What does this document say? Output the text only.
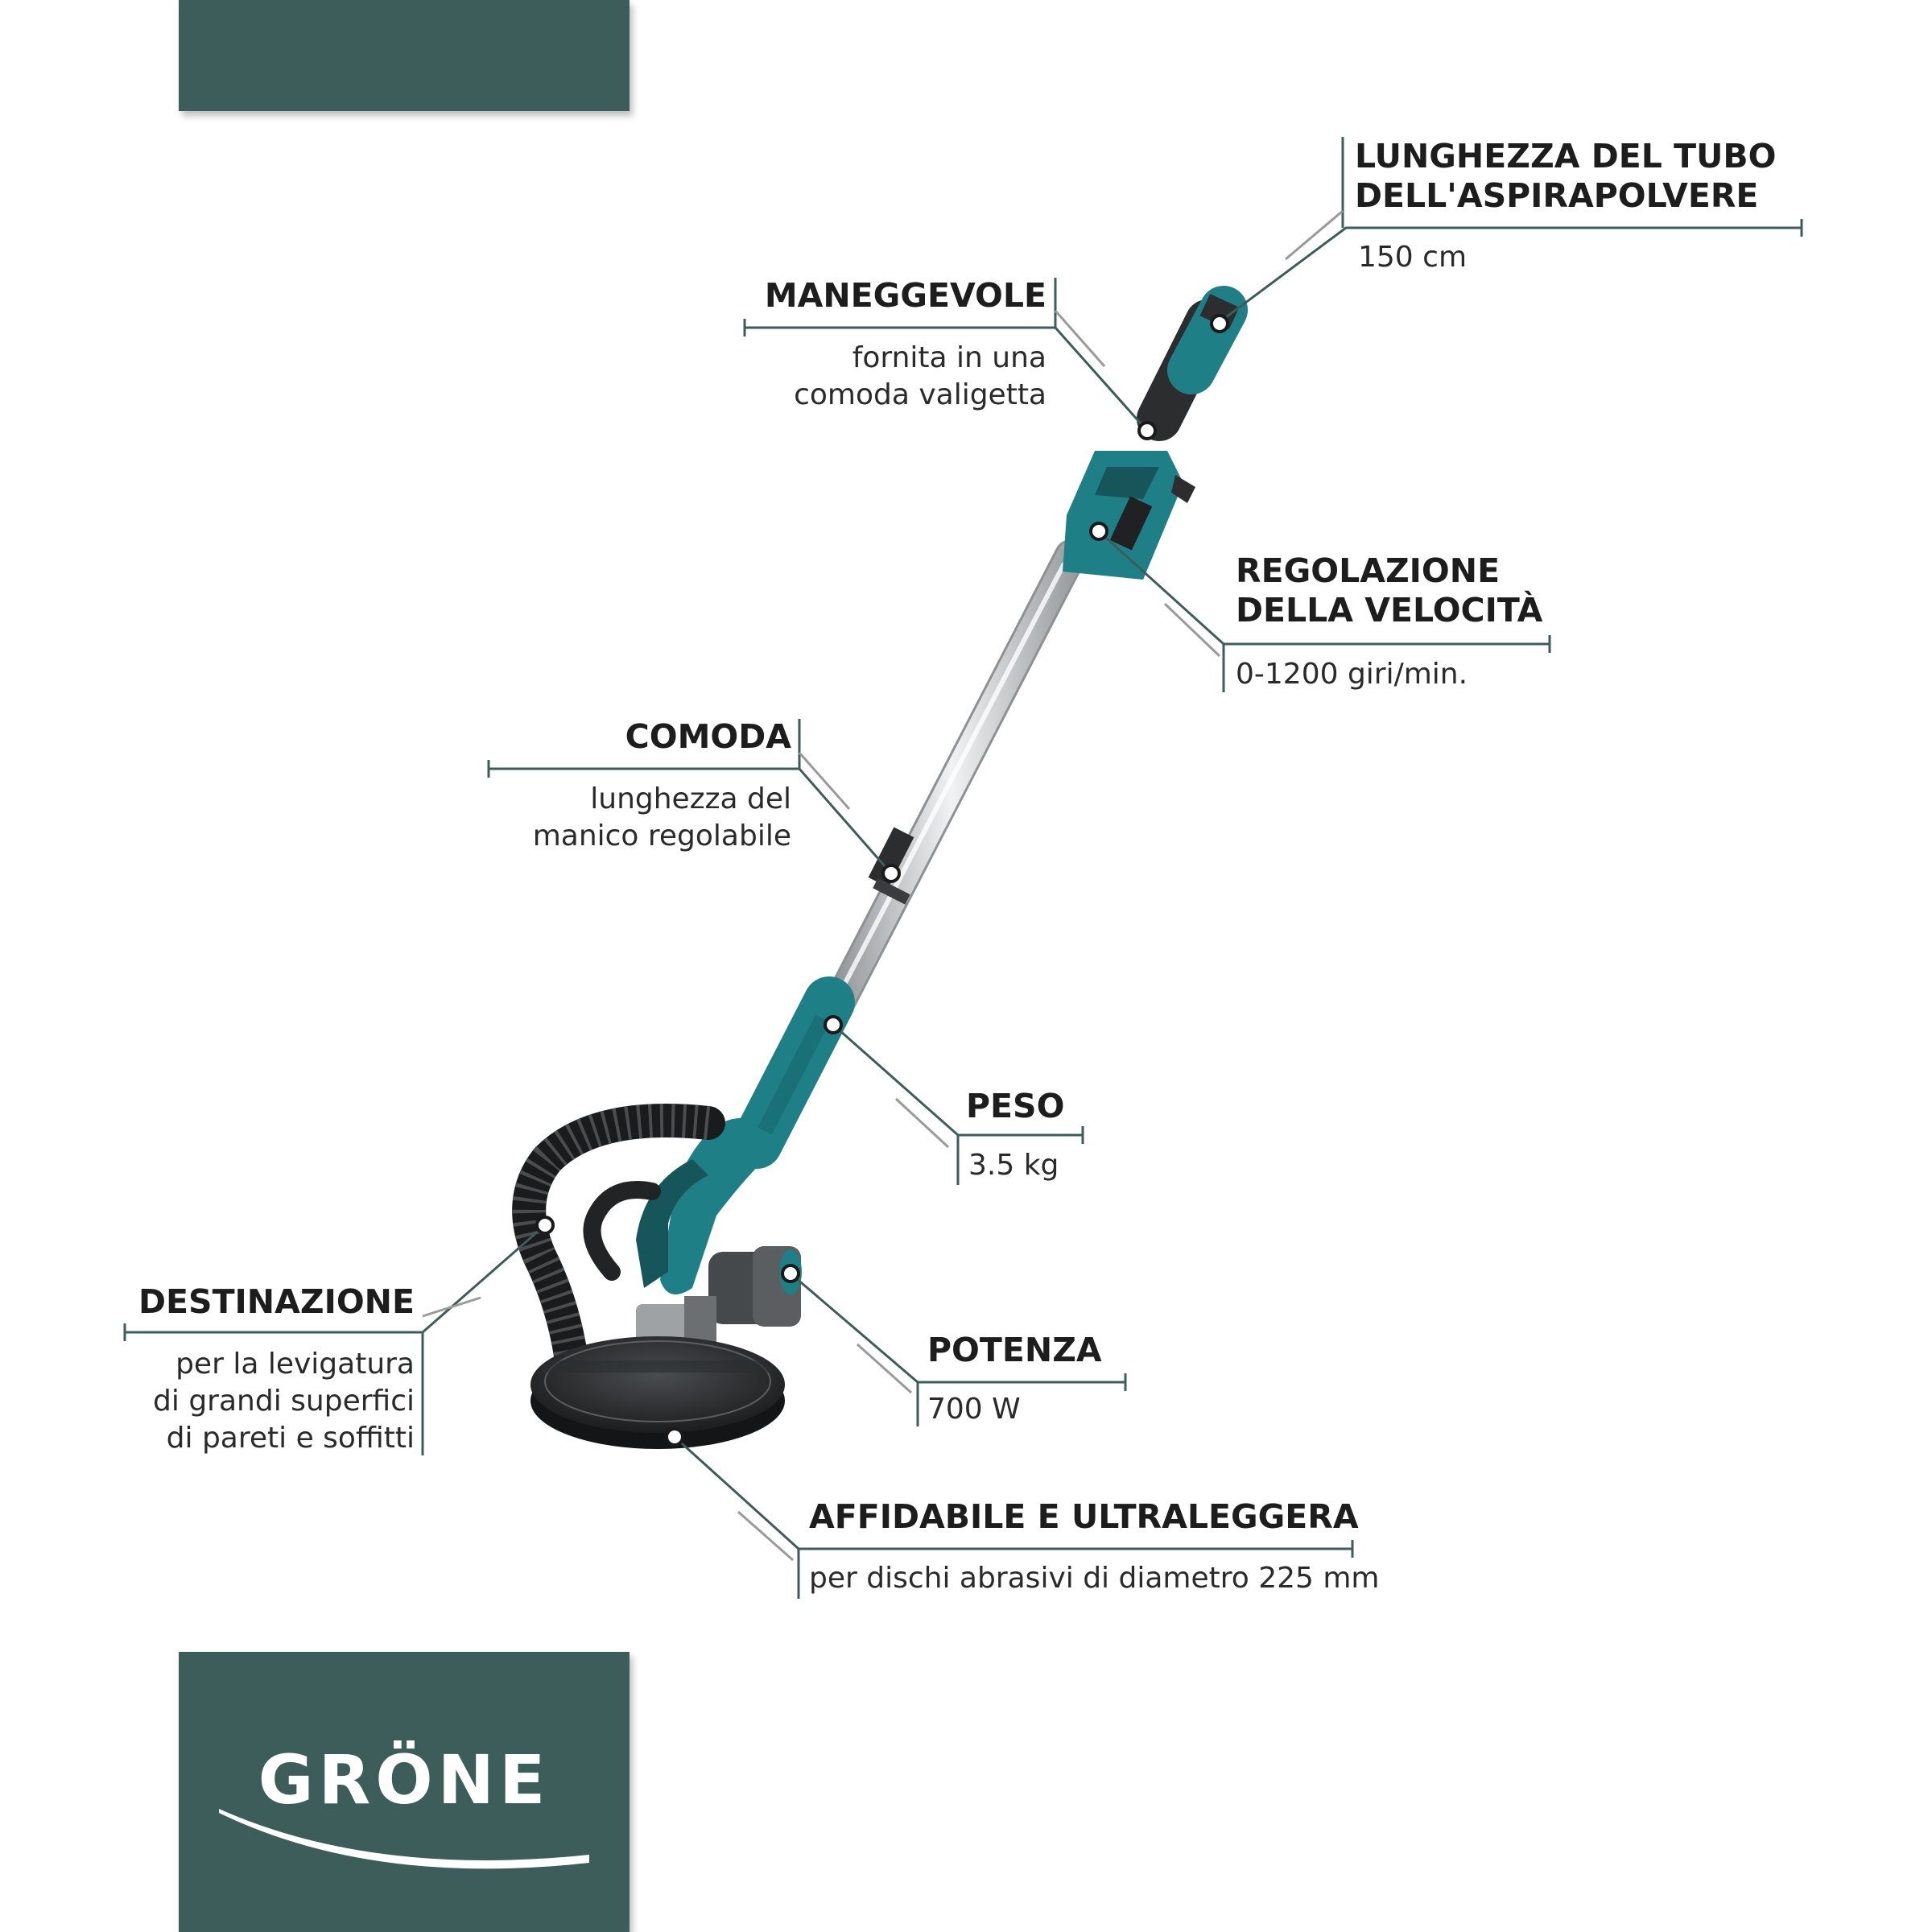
LUNGHEZZA DEL TUBO DELL'ASPIRAPOLVERE
150 cm
MANEGGEVOLE
fornita in una comoda valigetta
REGOLAZIONE DELLA VELOCITÀ
0-1200 giri/min.
COMODA
lunghezza del manico regolabile
PESO
3.5 kg
DESTINAZIONE
per la levigatura di grandi superfici di pareti e soffitti
POTENZA
700 W
AFFIDABILE E ULTRALEGGERA
per dischi abrasivi di diametro 225 mm
GRÖNE
